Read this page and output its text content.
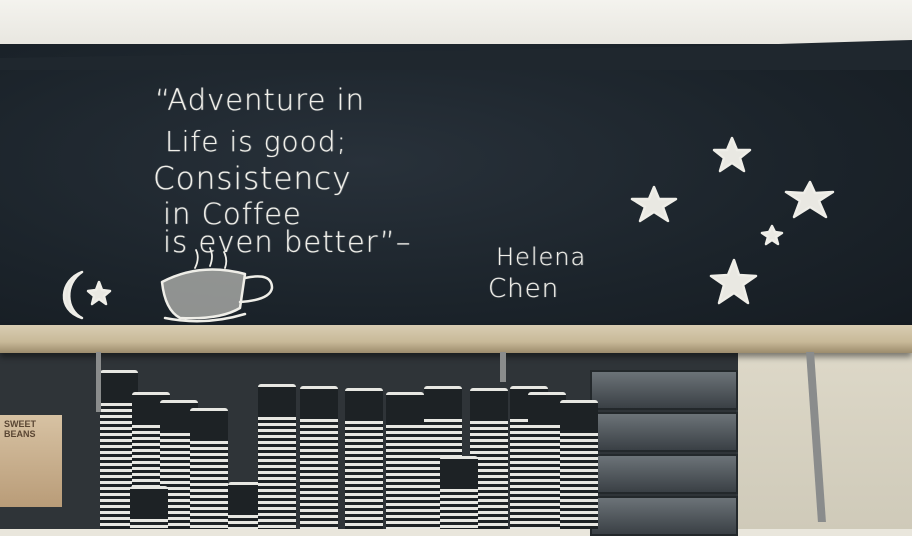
“Adventure in
Life is good;
Consistency
in Coffee
is even better”–	Helena
Chen
SWEET
BEANS
